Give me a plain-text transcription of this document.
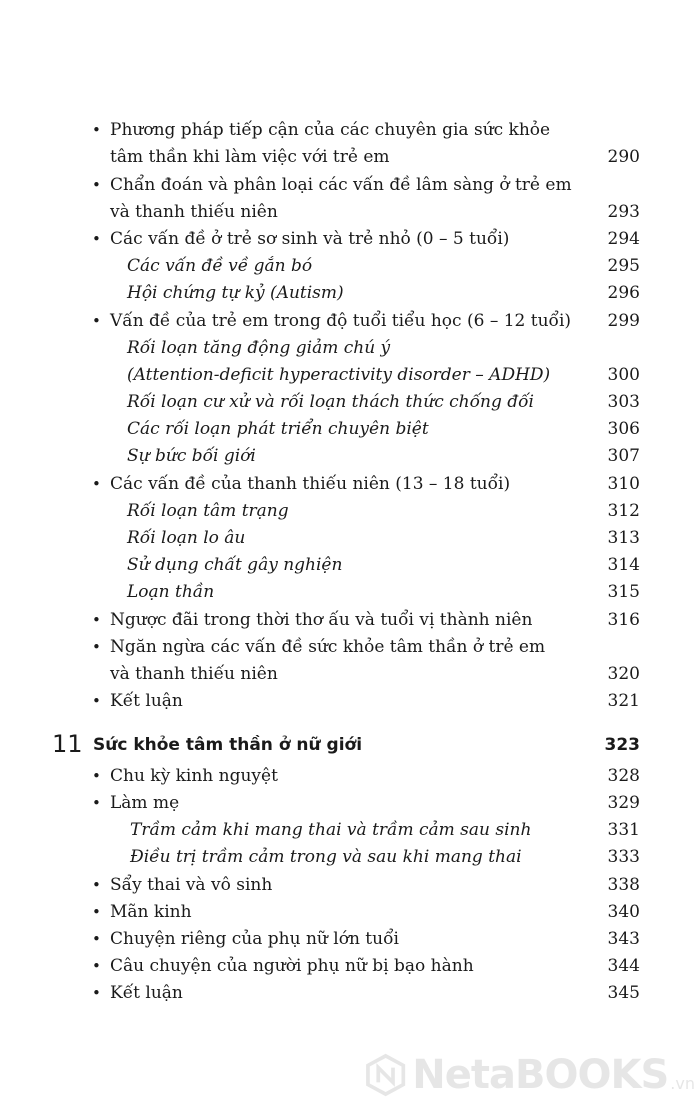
• Phương pháp tiếp cận của các chuyên gia sức khỏe
tâm thần khi làm việc với trẻ em	290
• Chẩn đoán và phân loại các vấn đề lâm sàng ở trẻ em
và thanh thiếu niên	293
• Các vấn đề ở trẻ sơ sinh và trẻ nhỏ (0 – 5 tuổi)	294
Các vấn đề về gắn bó	295
Hội chứng tự kỷ (Autism)	296
• Vấn đề của trẻ em trong độ tuổi tiểu học (6 – 12 tuổi) 299
Rối loạn tăng động giảm chú ý
(Attention-deficit hyperactivity disorder – ADHD)	300
Rối loạn cư xử và rối loạn thách thức chống đối	303
Các rối loạn phát triển chuyên biệt	306
Sự bức bối giới	307
• Các vấn đề của thanh thiếu niên (13 – 18 tuổi)	310
Rối loạn tâm trạng	312
Rối loạn lo âu	313
Sử dụng chất gây nghiện	314
Loạn thần	315
• Ngược đãi trong thời thơ ấu và tuổi vị thành niên	316
• Ngăn ngừa các vấn đề sức khỏe tâm thần ở trẻ em
và thanh thiếu niên	320
• Kết luận	321
11 Sức khỏe tâm thần ở nữ giới	323
• Chu kỳ kinh nguyệt	328
• Làm mẹ	329
Trầm cảm khi mang thai và trầm cảm sau sinh	331
Điều trị trầm cảm trong và sau khi mang thai	333
• Sẩy thai và vô sinh	338
• Mãn kinh	340
• Chuyện riêng của phụ nữ lớn tuổi	343
• Câu chuyện của người phụ nữ bị bạo hành	344
• Kết luận	345
NetaBOOKS .vn
